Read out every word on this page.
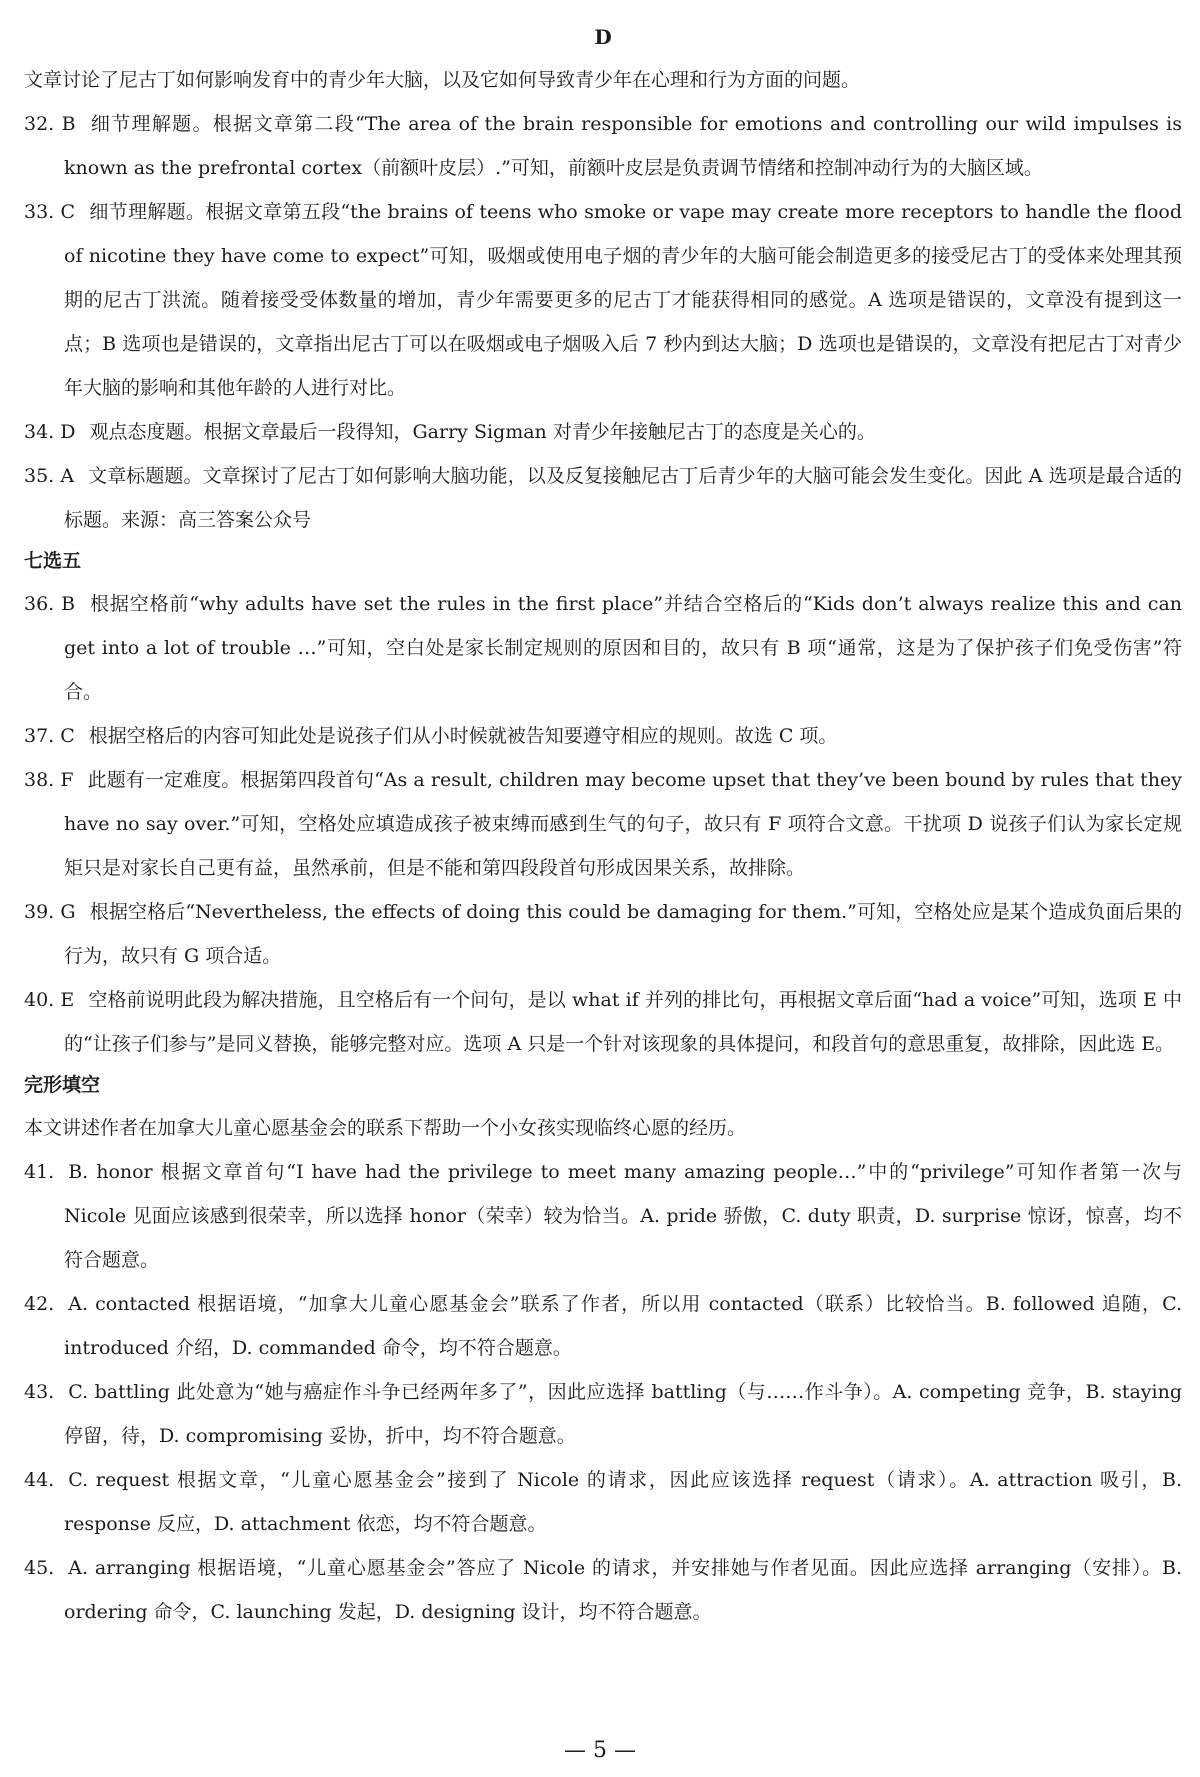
D

文章讨论了尼古丁如何影响发育中的青少年大脑，以及它如何导致青少年在心理和行为方面的问题。

32. B 细节理解题。根据文章第二段“The area of the brain responsible for emotions and controlling our wild impulses is known as the prefrontal cortex（前额叶皮层）.”可知，前额叶皮层是负责调节情绪和控制冲动行为的大脑区域。

33. C 细节理解题。根据文章第五段“the brains of teens who smoke or vape may create more receptors to handle the flood of nicotine they have come to expect”可知，吸烟或使用电子烟的青少年的大脑可能会制造更多的接受尼古丁的受体来处理其预期的尼古丁洪流。随着接受受体数量的增加，青少年需要更多的尼古丁才能获得相同的感觉。A 选项是错误的，文章没有提到这一点；B 选项也是错误的，文章指出尼古丁可以在吸烟或电子烟吸入后 7 秒内到达大脑；D 选项也是错误的，文章没有把尼古丁对青少年大脑的影响和其他年龄的人进行对比。

34. D 观点态度题。根据文章最后一段得知，Garry Sigman 对青少年接触尼古丁的态度是关心的。

35. A 文章标题题。文章探讨了尼古丁如何影响大脑功能，以及反复接触尼古丁后青少年的大脑可能会发生变化。因此 A 选项是最合适的标题。来源：高三答案公众号

七选五

36. B 根据空格前“why adults have set the rules in the first place”并结合空格后的“Kids don’t always realize this and can get into a lot of trouble …”可知，空白处是家长制定规则的原因和目的，故只有 B 项“通常，这是为了保护孩子们免受伤害”符合。

37. C 根据空格后的内容可知此处是说孩子们从小时候就被告知要遵守相应的规则。故选 C 项。

38. F 此题有一定难度。根据第四段首句“As a result, children may become upset that they’ve been bound by rules that they have no say over.”可知，空格处应填造成孩子被束缚而感到生气的句子，故只有 F 项符合文意。干扰项 D 说孩子们认为家长定规矩只是对家长自己更有益，虽然承前，但是不能和第四段段首句形成因果关系，故排除。

39. G 根据空格后“Nevertheless, the effects of doing this could be damaging for them.”可知，空格处应是某个造成负面后果的行为，故只有 G 项合适。

40. E 空格前说明此段为解决措施，且空格后有一个问句，是以 what if 并列的排比句，再根据文章后面“had a voice”可知，选项 E 中的“让孩子们参与”是同义替换，能够完整对应。选项 A 只是一个针对该现象的具体提问，和段首句的意思重复，故排除，因此选 E。

完形填空

本文讲述作者在加拿大儿童心愿基金会的联系下帮助一个小女孩实现临终心愿的经历。

41. B. honor 根据文章首句“I have had the privilege to meet many amazing people…”中的“privilege”可知作者第一次与 Nicole 见面应该感到很荣幸，所以选择 honor（荣幸）较为恰当。A. pride 骄傲，C. duty 职责，D. surprise 惊讶，惊喜，均不符合题意。

42. A. contacted 根据语境，“加拿大儿童心愿基金会”联系了作者，所以用 contacted（联系）比较恰当。B. followed 追随，C. introduced 介绍，D. commanded 命令，均不符合题意。

43. C. battling 此处意为“她与癌症作斗争已经两年多了”，因此应选择 battling（与……作斗争）。A. competing 竞争，B. staying 停留，待，D. compromising 妥协，折中，均不符合题意。

44. C. request 根据文章，“儿童心愿基金会”接到了 Nicole 的请求，因此应该选择 request（请求）。A. attraction 吸引，B. response 反应，D. attachment 依恋，均不符合题意。

45. A. arranging 根据语境，“儿童心愿基金会”答应了 Nicole 的请求，并安排她与作者见面。因此应选择 arranging（安排）。B. ordering 命令，C. launching 发起，D. designing 设计，均不符合题意。

— 5 —
